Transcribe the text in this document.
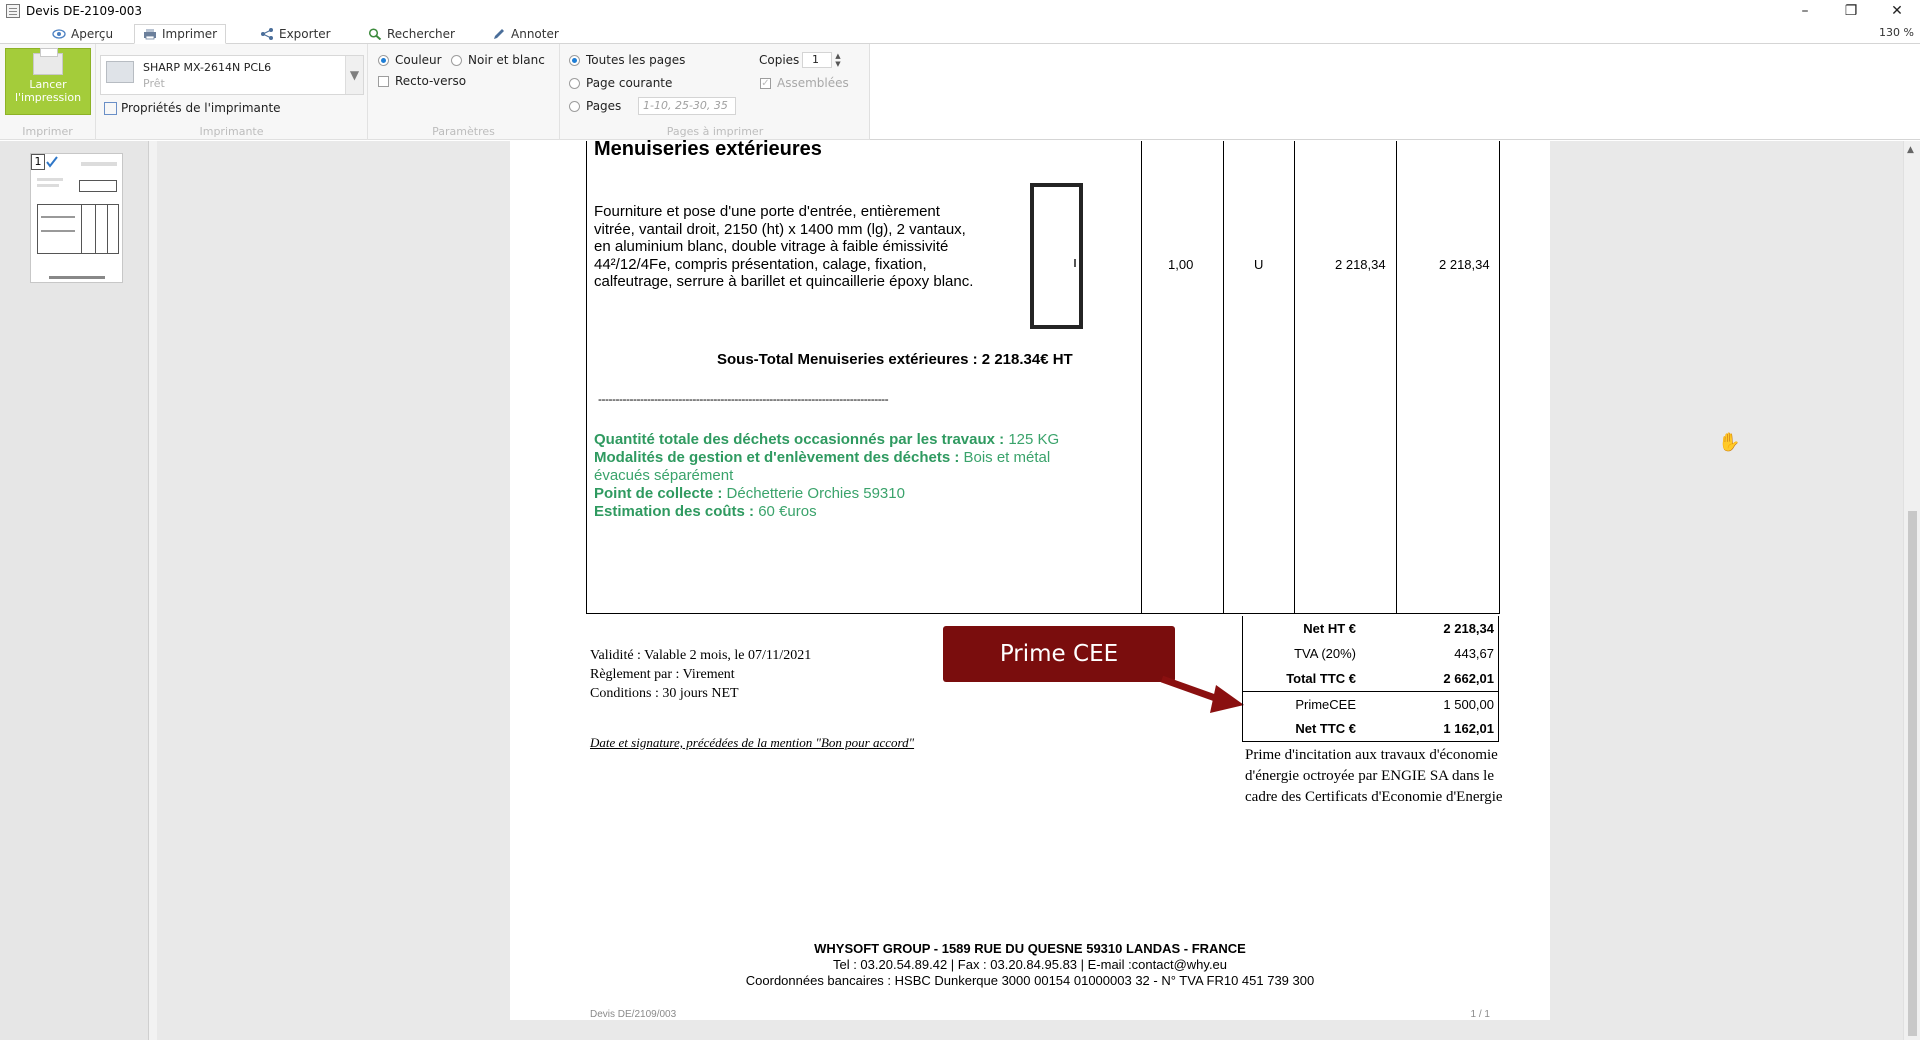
Devis DE-2109-003	–	❐	✕
Aperçu	Imprimer	Exporter	Rechercher	Annoter	130 %
Lancer l'impression
Imprimer	Imprimante
SHARP MX-2614N PCL6
Prêt
▼
Propriétés de l'imprimante
Paramètres
Couleur Noir et blanc
Recto-verso
Pages à imprimer
Toutes les pages
Page courante
Pages	1-10, 25-30, 35
Copies	1	▲
▼
✓ Assemblées
1
▲
Menuiseries extérieures
Fourniture et pose d'une porte d'entrée, entièrement vitrée, vantail droit, 2150 (ht) x 1400 mm (lg), 2 vantaux, en aluminium blanc, double vitrage à faible émissivité 44²/12/4Fe, compris présentation, calage, fixation, calfeutrage, serrure à barillet et quincaillerie époxy blanc.
1,00	U	2 218,34	2 218,34
Sous-Total Menuiseries extérieures : 2 218.34€ HT
-----------------------------------------------------------------------------------
Quantité totale des déchets occasionnés par les travaux : 125 KG
Modalités de gestion et d'enlèvement des déchets : Bois et métal évacués séparément
Point de collecte : Déchetterie Orchies 59310
Estimation des coûts : 60 €uros
Validité : Valable 2 mois, le 07/11/2021
Règlement par : Virement
Conditions : 30 jours NET
Date et signature, précédées de la mention "Bon pour accord"
Prime CEE
Net HT €	2 218,34
TVA (20%)	443,67
Total TTC €	2 662,01
PrimeCEE	1 500,00
Net TTC €	1 162,01
Prime d'incitation aux travaux d'économie d'énergie octroyée par ENGIE SA dans le cadre des Certificats d'Economie d'Energie
WHYSOFT GROUP - 1589 RUE DU QUESNE 59310 LANDAS - FRANCE
Tel : 03.20.54.89.42 | Fax : 03.20.84.95.83 | E-mail :contact@why.eu
Coordonnées bancaires : HSBC Dunkerque 3000 00154 01000003 32 - N° TVA FR10 451 739 300
Devis DE/2109/003	1 / 1
✋
